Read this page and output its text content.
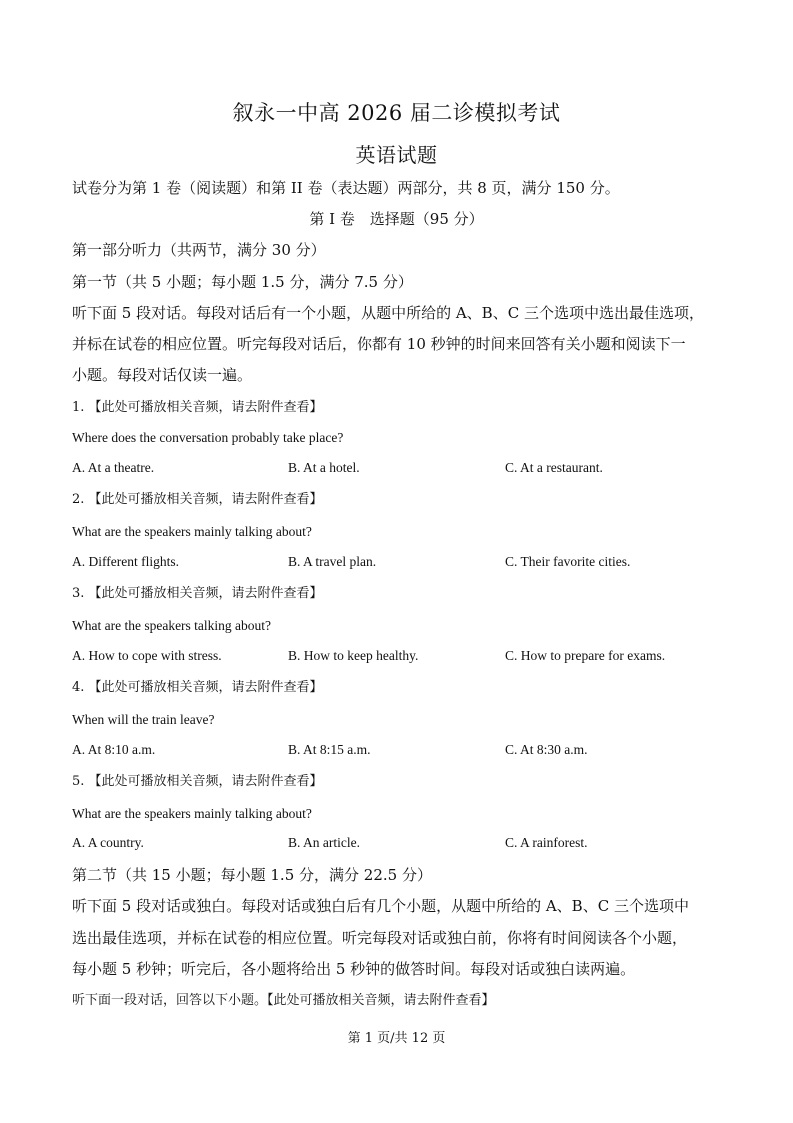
叙永一中高 2026 届二诊模拟考试
英语试题
试卷分为第 1 卷（阅读题）和第 II 卷（表达题）两部分，共 8 页，满分 150 分。
第 I 卷　选择题（95 分）
第一部分听力（共两节，满分 30 分）
第一节（共 5 小题；每小题 1.5 分，满分 7.5 分）
听下面 5 段对话。每段对话后有一个小题，从题中所给的 A、B、C 三个选项中选出最佳选项，
并标在试卷的相应位置。听完每段对话后，你都有 10 秒钟的时间来回答有关小题和阅读下一
小题。每段对话仅读一遍。
1. 【此处可播放相关音频，请去附件查看】
Where does the conversation probably take place?
A. At a theatre.	B. At a hotel.	C. At a restaurant.
2. 【此处可播放相关音频，请去附件查看】
What are the speakers mainly talking about?
A. Different flights.	B. A travel plan.	C. Their favorite cities.
3. 【此处可播放相关音频，请去附件查看】
What are the speakers talking about?
A. How to cope with stress.	B. How to keep healthy.	C. How to prepare for exams.
4. 【此处可播放相关音频，请去附件查看】
When will the train leave?
A. At 8:10 a.m.	B. At 8:15 a.m.	C. At 8:30 a.m.
5. 【此处可播放相关音频，请去附件查看】
What are the speakers mainly talking about?
A. A country.	B. An article.	C. A rainforest.
第二节（共 15 小题；每小题 1.5 分，满分 22.5 分）
听下面 5 段对话或独白。每段对话或独白后有几个小题，从题中所给的 A、B、C 三个选项中
选出最佳选项，并标在试卷的相应位置。听完每段对话或独白前，你将有时间阅读各个小题，
每小题 5 秒钟；听完后，各小题将给出 5 秒钟的做答时间。每段对话或独白读两遍。
听下面一段对话，回答以下小题。【此处可播放相关音频，请去附件查看】
第 1 页/共 12 页
